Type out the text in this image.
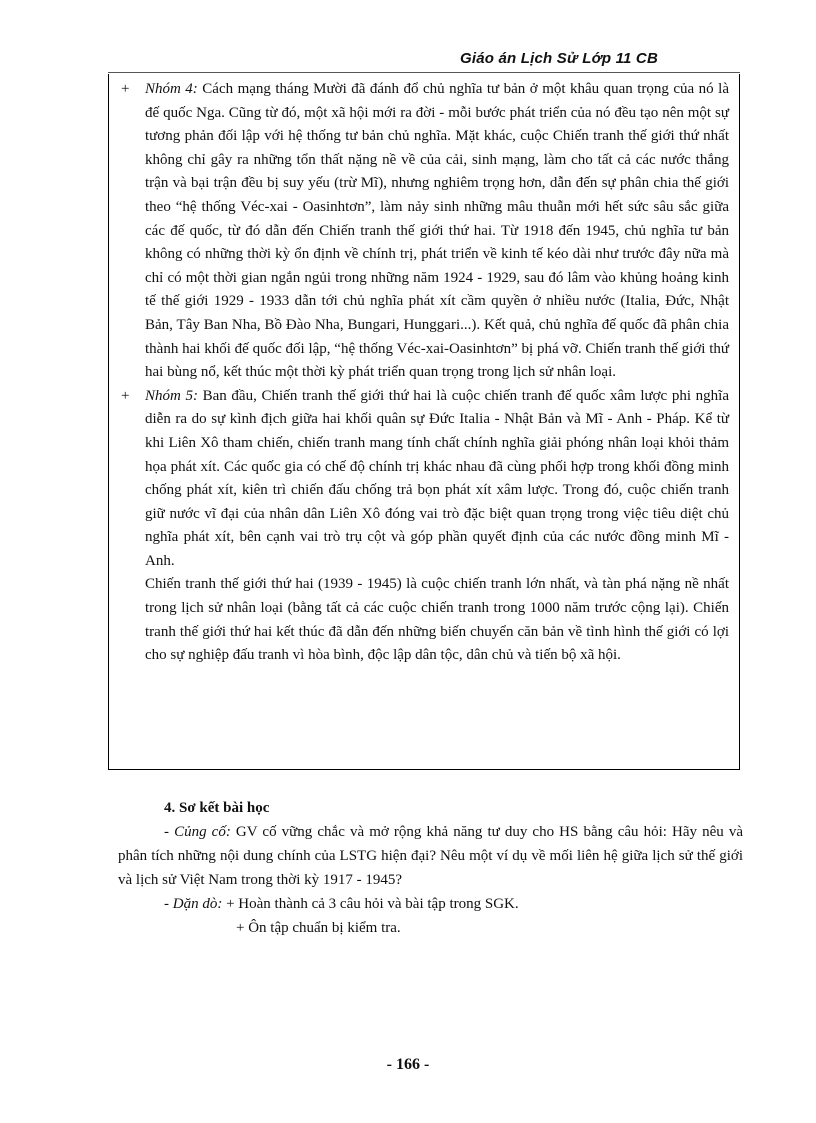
Giáo án Lịch Sử Lớp 11 CB

+ Nhóm 4: Cách mạng tháng Mười đã đánh đổ chủ nghĩa tư bản ở một khâu quan trọng của nó là đế quốc Nga. Cũng từ đó, một xã hội mới ra đời - mỗi bước phát triển của nó đều tạo nên một sự tương phản đối lập với hệ thống tư bản chủ nghĩa. Mặt khác, cuộc Chiến tranh thế giới thứ nhất không chỉ gây ra những tổn thất nặng nề về của cải, sinh mạng, làm cho tất cả các nước thắng trận và bại trận đều bị suy yếu (trừ Mĩ), nhưng nghiêm trọng hơn, dẫn đến sự phân chia thế giới theo “hệ thống Véc-xai - Oasinhtơn”, làm nảy sinh những mâu thuẫn mới hết sức sâu sắc giữa các đế quốc, từ đó dẫn đến Chiến tranh thế giới thứ hai. Từ 1918 đến 1945, chủ nghĩa tư bản không có những thời kỳ ổn định về chính trị, phát triển về kinh tế kéo dài như trước đây nữa mà chỉ có một thời gian ngắn ngủi trong những năm 1924 - 1929, sau đó lâm vào khủng hoảng kinh tế thế giới 1929 - 1933 dẫn tới chủ nghĩa phát xít cầm quyền ở nhiều nước (Italia, Đức, Nhật Bản, Tây Ban Nha, Bồ Đào Nha, Bungari, Hunggari...). Kết quả, chủ nghĩa đế quốc đã phân chia thành hai khối đế quốc đối lập, “hệ thống Véc-xai-Oasinhtơn” bị phá vỡ. Chiến tranh thế giới thứ hai bùng nổ, kết thúc một thời kỳ phát triển quan trọng trong lịch sử nhân loại.

+ Nhóm 5: Ban đầu, Chiến tranh thế giới thứ hai là cuộc chiến tranh đế quốc xâm lược phi nghĩa diễn ra do sự kình địch giữa hai khối quân sự Đức Italia - Nhật Bản và Mĩ - Anh - Pháp. Kể từ khi Liên Xô tham chiến, chiến tranh mang tính chất chính nghĩa giải phóng nhân loại khỏi thảm họa phát xít. Các quốc gia có chế độ chính trị khác nhau đã cùng phối hợp trong khối đồng minh chống phát xít, kiên trì chiến đấu chống trả bọn phát xít xâm lược. Trong đó, cuộc chiến tranh giữ nước vĩ đại của nhân dân Liên Xô đóng vai trò đặc biệt quan trọng trong việc tiêu diệt chủ nghĩa phát xít, bên cạnh vai trò trụ cột và góp phần quyết định của các nước đồng minh Mĩ - Anh.

Chiến tranh thế giới thứ hai (1939 - 1945) là cuộc chiến tranh lớn nhất, và tàn phá nặng nề nhất trong lịch sử nhân loại (bằng tất cả các cuộc chiến tranh trong 1000 năm trước cộng lại). Chiến tranh thế giới thứ hai kết thúc đã dẫn đến những biến chuyển căn bản về tình hình thế giới có lợi cho sự nghiệp đấu tranh vì hòa bình, độc lập dân tộc, dân chủ và tiến bộ xã hội.

4. Sơ kết bài học
- Củng cố: GV cố vững chắc và mở rộng khả năng tư duy cho HS bằng câu hỏi: Hãy nêu và phân tích những nội dung chính của LSTG hiện đại? Nêu một ví dụ về mối liên hệ giữa lịch sử thế giới và lịch sử Việt Nam trong thời kỳ 1917 - 1945?
- Dặn dò: + Hoàn thành cả 3 câu hỏi và bài tập trong SGK.
+ Ôn tập chuẩn bị kiểm tra.
- 166 -
